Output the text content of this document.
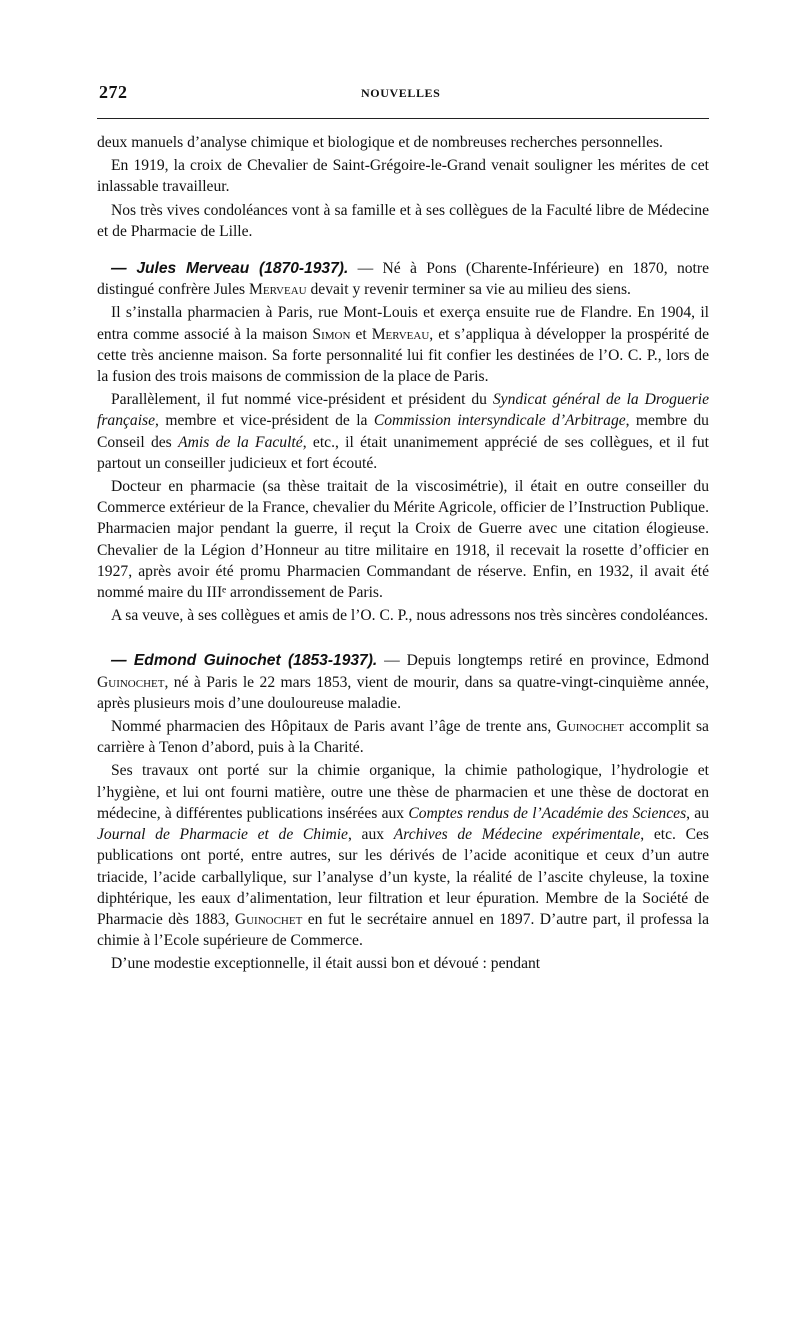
272	NOUVELLES

deux manuels d’analyse chimique et biologique et de nombreuses recherches personnelles.

En 1919, la croix de Chevalier de Saint-Grégoire-le-Grand venait souligner les mérites de cet inlassable travailleur.

Nos très vives condoléances vont à sa famille et à ses collègues de la Faculté libre de Médecine et de Pharmacie de Lille.

— Jules Merveau (1870-1937). — Né à Pons (Charente-Inférieure) en 1870, notre distingué confrère Jules Merveau devait y revenir terminer sa vie au milieu des siens.

Il s’installa pharmacien à Paris, rue Mont-Louis et exerça ensuite rue de Flandre. En 1904, il entra comme associé à la maison Simon et Merveau, et s’appliqua à développer la prospérité de cette très ancienne maison. Sa forte personnalité lui fit confier les destinées de l’O. C. P., lors de la fusion des trois maisons de commission de la place de Paris.

Parallèlement, il fut nommé vice-président et président du Syndicat général de la Droguerie française, membre et vice-président de la Commission intersyndicale d’Arbitrage, membre du Conseil des Amis de la Faculté, etc., il était unanimement apprécié de ses collègues, et il fut partout un conseiller judicieux et fort écouté.

Docteur en pharmacie (sa thèse traitait de la viscosimétrie), il était en outre conseiller du Commerce extérieur de la France, chevalier du Mérite Agricole, officier de l’Instruction Publique. Pharmacien major pendant la guerre, il reçut la Croix de Guerre avec une citation élogieuse. Chevalier de la Légion d’Honneur au titre militaire en 1918, il recevait la rosette d’officier en 1927, après avoir été promu Pharmacien Commandant de réserve. Enfin, en 1932, il avait été nommé maire du IIIᵉ arrondissement de Paris.

A sa veuve, à ses collègues et amis de l’O. C. P., nous adressons nos très sincères condoléances.

— Edmond Guinochet (1853-1937). — Depuis longtemps retiré en province, Edmond Guinochet, né à Paris le 22 mars 1853, vient de mourir, dans sa quatre-vingt-cinquième année, après plusieurs mois d’une douloureuse maladie.

Nommé pharmacien des Hôpitaux de Paris avant l’âge de trente ans, Guinochet accomplit sa carrière à Tenon d’abord, puis à la Charité.

Ses travaux ont porté sur la chimie organique, la chimie pathologique, l’hydrologie et l’hygiène, et lui ont fourni matière, outre une thèse de pharmacien et une thèse de doctorat en médecine, à différentes publications insérées aux Comptes rendus de l’Académie des Sciences, au Journal de Pharmacie et de Chimie, aux Archives de Médecine expérimentale, etc. Ces publications ont porté, entre autres, sur les dérivés de l’acide aconitique et ceux d’un autre triacide, l’acide carballylique, sur l’analyse d’un kyste, la réalité de l’ascite chyleuse, la toxine diphtérique, les eaux d’alimentation, leur filtration et leur épuration. Membre de la Société de Pharmacie dès 1883, Guinochet en fut le secrétaire annuel en 1897. D’autre part, il professa la chimie à l’Ecole supérieure de Commerce.

D’une modestie exceptionnelle, il était aussi bon et dévoué : pendant
